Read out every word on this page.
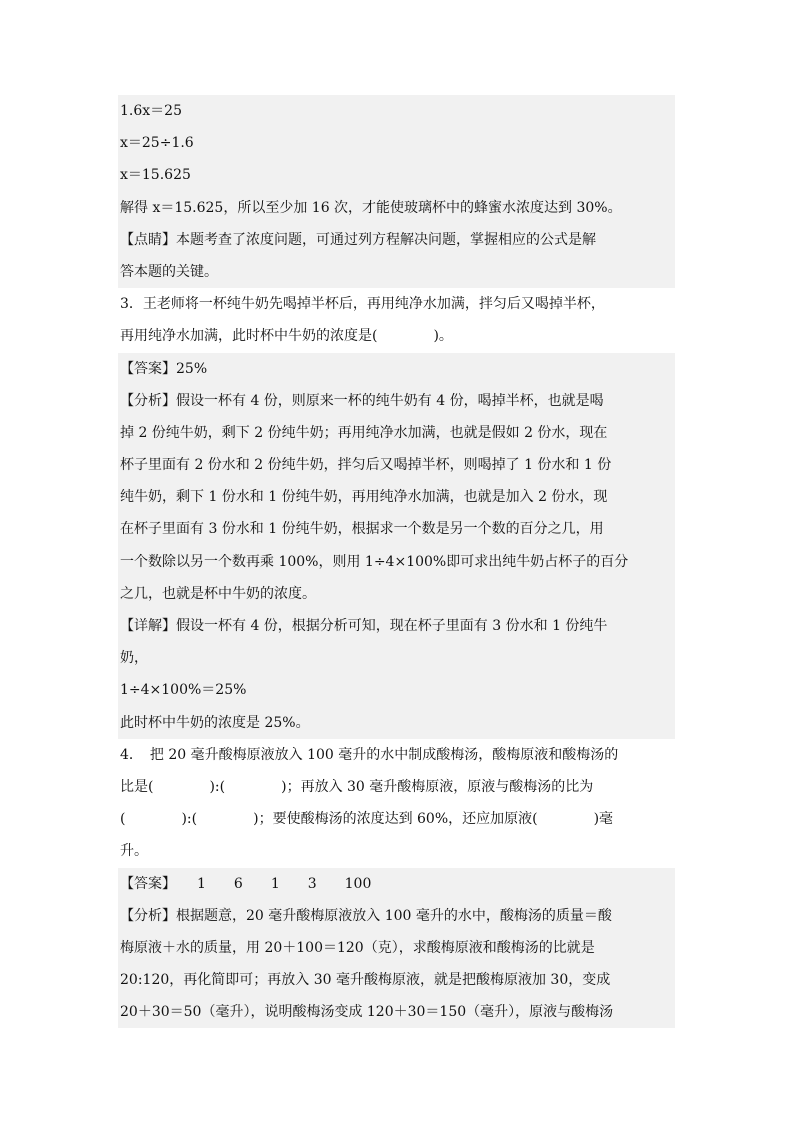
1.6x＝25
x＝25÷1.6
x＝15.625
解得 x＝15.625，所以至少加 16 次，才能使玻璃杯中的蜂蜜水浓度达到 30%。
【点睛】本题考查了浓度问题，可通过列方程解决问题，掌握相应的公式是解
答本题的关键。
3．王老师将一杯纯牛奶先喝掉半杯后，再用纯净水加满，拌匀后又喝掉半杯，
再用纯净水加满，此时杯中牛奶的浓度是(　　　　)。
【答案】25%
【分析】假设一杯有 4 份，则原来一杯的纯牛奶有 4 份，喝掉半杯，也就是喝
掉 2 份纯牛奶，剩下 2 份纯牛奶；再用纯净水加满，也就是假如 2 份水，现在
杯子里面有 2 份水和 2 份纯牛奶，拌匀后又喝掉半杯，则喝掉了 1 份水和 1 份
纯牛奶，剩下 1 份水和 1 份纯牛奶，再用纯净水加满，也就是加入 2 份水，现
在杯子里面有 3 份水和 1 份纯牛奶，根据求一个数是另一个数的百分之几，用
一个数除以另一个数再乘 100%，则用 1÷4×100%即可求出纯牛奶占杯子的百分
之几，也就是杯中牛奶的浓度。
【详解】假设一杯有 4 份，根据分析可知，现在杯子里面有 3 份水和 1 份纯牛
奶，
1÷4×100%＝25%
此时杯中牛奶的浓度是 25%。
4．　把 20 毫升酸梅原液放入 100 毫升的水中制成酸梅汤，酸梅原液和酸梅汤的
比是(　　　　):(　　　　)；再放入 30 毫升酸梅原液，原液与酸梅汤的比为
(　　　　):(　　　　)；要使酸梅汤的浓度达到 60%，还应加原液(　　　　)毫
升。
【答案】　　1　　6　　1　　3　　100
【分析】根据题意，20 毫升酸梅原液放入 100 毫升的水中，酸梅汤的质量＝酸
梅原液＋水的质量，用 20＋100＝120（克），求酸梅原液和酸梅汤的比就是
20:120，再化简即可；再放入 30 毫升酸梅原液，就是把酸梅原液加 30，变成
20＋30＝50（毫升），说明酸梅汤变成 120＋30＝150（毫升），原液与酸梅汤
